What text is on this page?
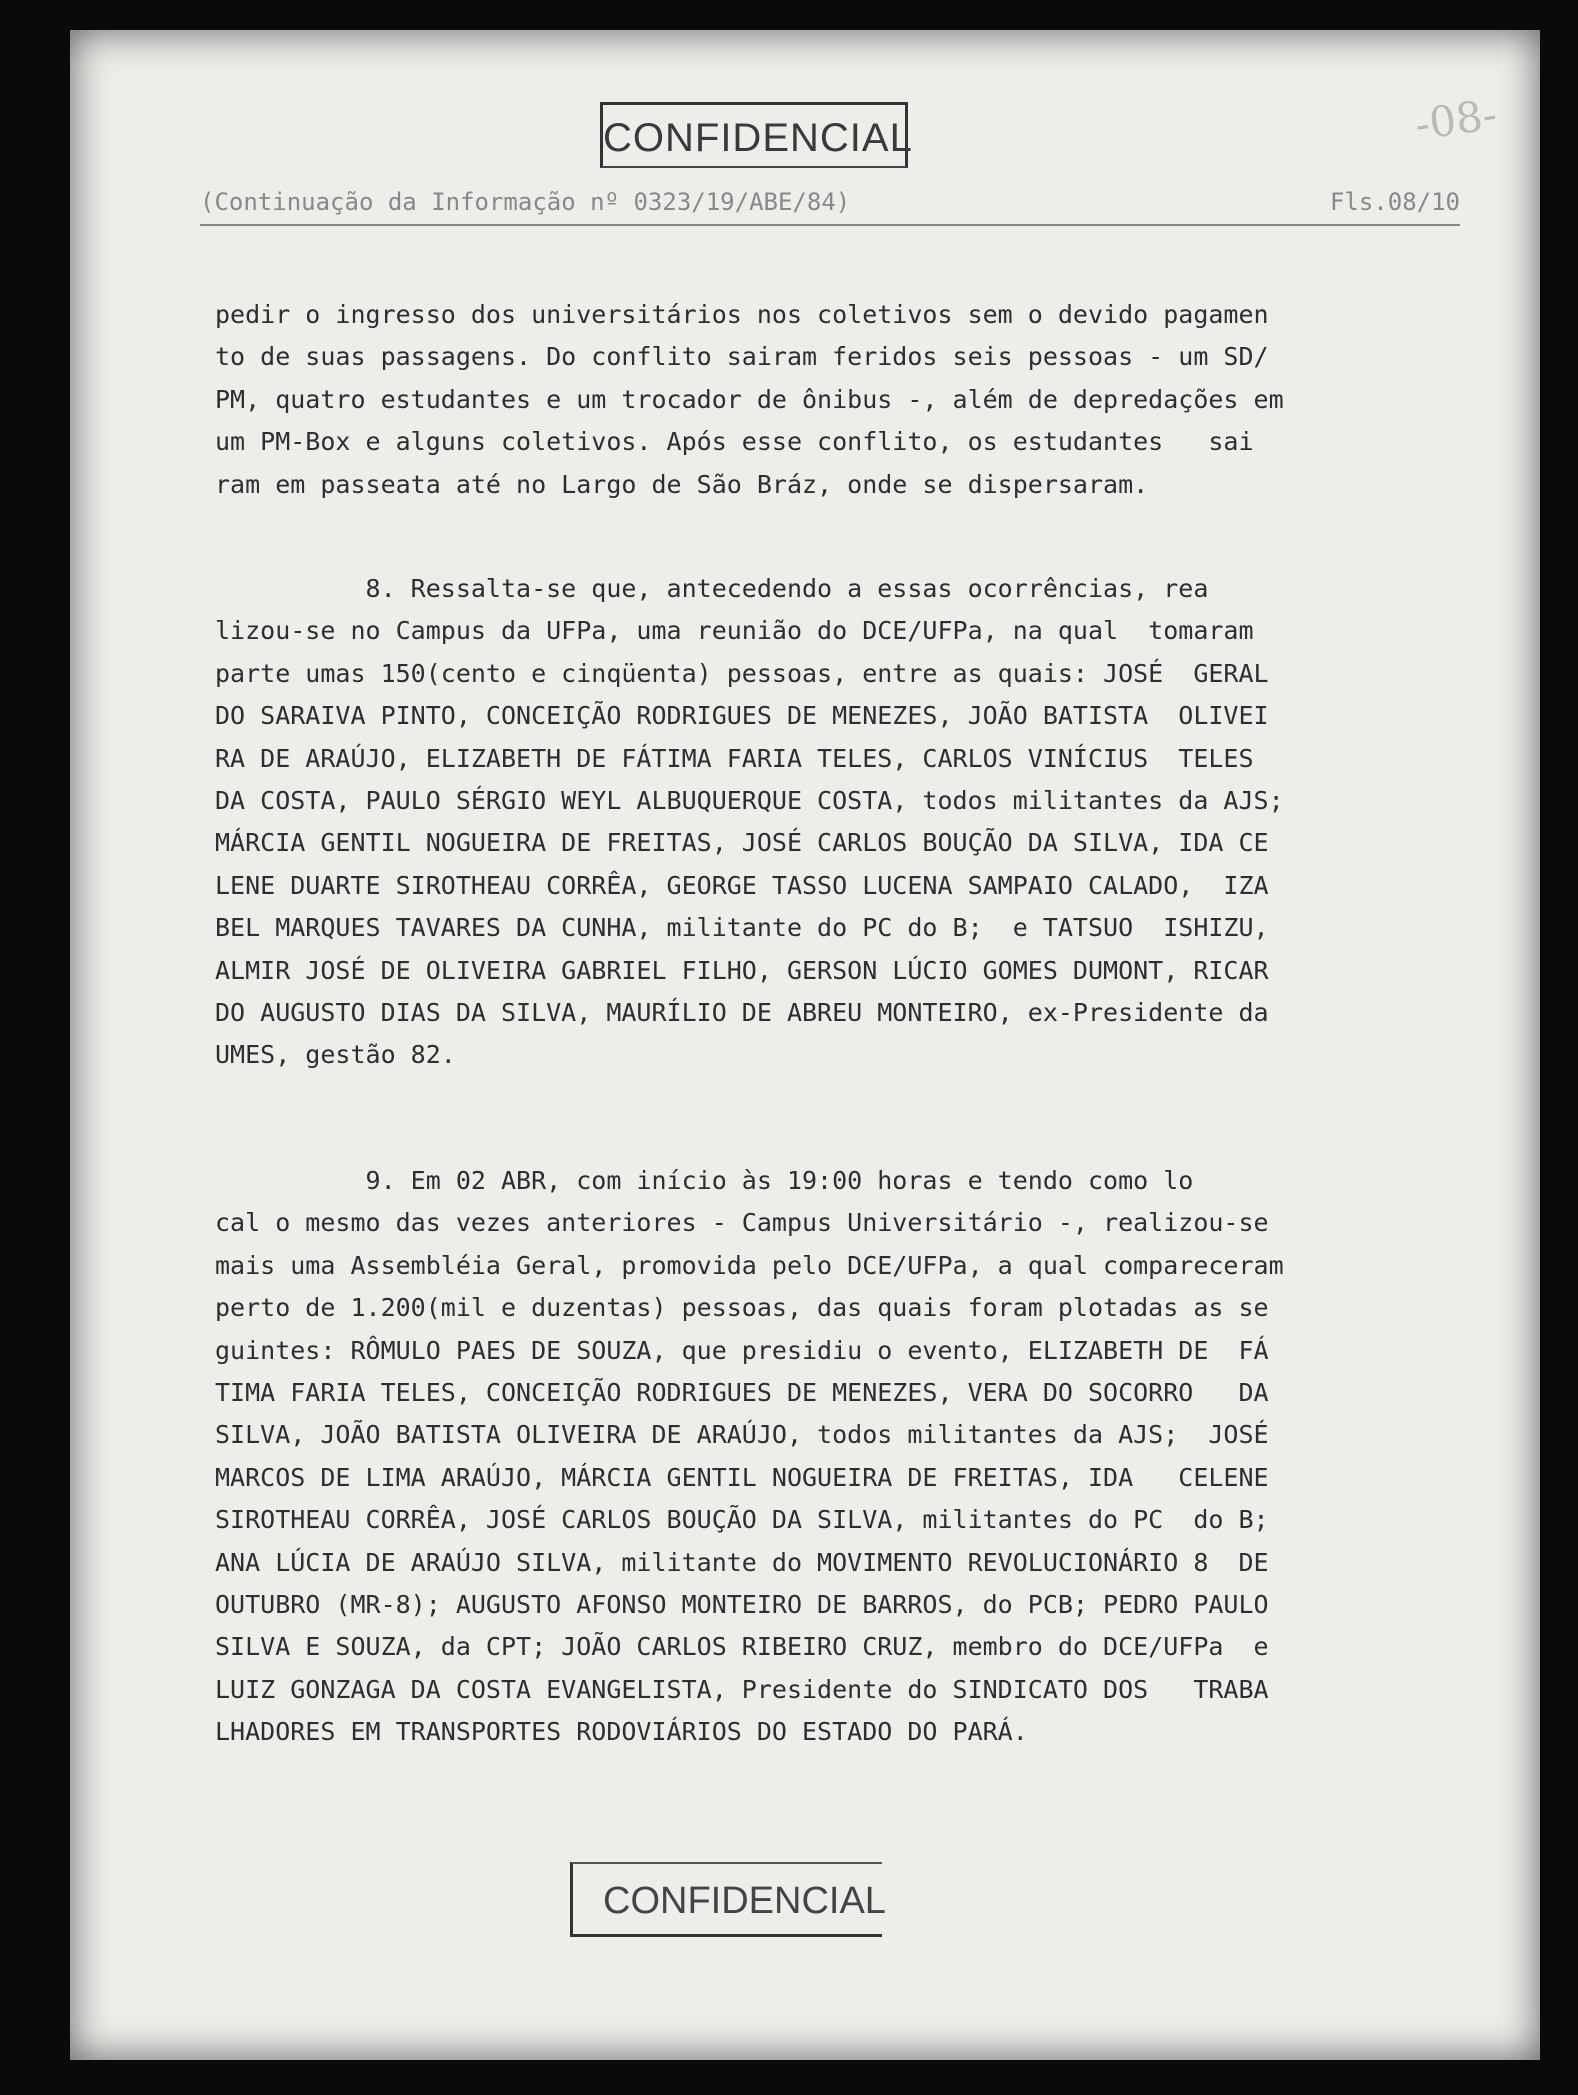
CONFIDENCIAL	-08-
(Continuação da Informação nº 0323/19/ABE/84)	Fls.08/10
pedir o ingresso dos universitários nos coletivos sem o devido pagamen
to de suas passagens. Do conflito sairam feridos seis pessoas - um SD/
PM, quatro estudantes e um trocador de ônibus -, além de depredações em
um PM-Box e alguns coletivos. Após esse conflito, os estudantes   sai
ram em passeata até no Largo de São Bráz, onde se dispersaram.
8. Ressalta-se que, antecedendo a essas ocorrências, rea
lizou-se no Campus da UFPa, uma reunião do DCE/UFPa, na qual  tomaram
parte umas 150(cento e cinqüenta) pessoas, entre as quais: JOSÉ  GERAL
DO SARAIVA PINTO, CONCEIÇÃO RODRIGUES DE MENEZES, JOÃO BATISTA  OLIVEI
RA DE ARAÚJO, ELIZABETH DE FÁTIMA FARIA TELES, CARLOS VINÍCIUS  TELES
DA COSTA, PAULO SÉRGIO WEYL ALBUQUERQUE COSTA, todos militantes da AJS;
MÁRCIA GENTIL NOGUEIRA DE FREITAS, JOSÉ CARLOS BOUÇÃO DA SILVA, IDA CE
LENE DUARTE SIROTHEAU CORRÊA, GEORGE TASSO LUCENA SAMPAIO CALADO,  IZA
BEL MARQUES TAVARES DA CUNHA, militante do PC do B;  e TATSUO  ISHIZU,
ALMIR JOSÉ DE OLIVEIRA GABRIEL FILHO, GERSON LÚCIO GOMES DUMONT, RICAR
DO AUGUSTO DIAS DA SILVA, MAURÍLIO DE ABREU MONTEIRO, ex-Presidente da
UMES, gestão 82.
9. Em 02 ABR, com início às 19:00 horas e tendo como lo
cal o mesmo das vezes anteriores - Campus Universitário -, realizou-se
mais uma Assembléia Geral, promovida pelo DCE/UFPa, a qual compareceram
perto de 1.200(mil e duzentas) pessoas, das quais foram plotadas as se
guintes: RÔMULO PAES DE SOUZA, que presidiu o evento, ELIZABETH DE  FÁ
TIMA FARIA TELES, CONCEIÇÃO RODRIGUES DE MENEZES, VERA DO SOCORRO   DA
SILVA, JOÃO BATISTA OLIVEIRA DE ARAÚJO, todos militantes da AJS;  JOSÉ
MARCOS DE LIMA ARAÚJO, MÁRCIA GENTIL NOGUEIRA DE FREITAS, IDA   CELENE
SIROTHEAU CORRÊA, JOSÉ CARLOS BOUÇÃO DA SILVA, militantes do PC  do B;
ANA LÚCIA DE ARAÚJO SILVA, militante do MOVIMENTO REVOLUCIONÁRIO 8  DE
OUTUBRO (MR-8); AUGUSTO AFONSO MONTEIRO DE BARROS, do PCB; PEDRO PAULO
SILVA E SOUZA, da CPT; JOÃO CARLOS RIBEIRO CRUZ, membro do DCE/UFPa  e
LUIZ GONZAGA DA COSTA EVANGELISTA, Presidente do SINDICATO DOS   TRABA
LHADORES EM TRANSPORTES RODOVIÁRIOS DO ESTADO DO PARÁ.
CONFIDENCIAL
